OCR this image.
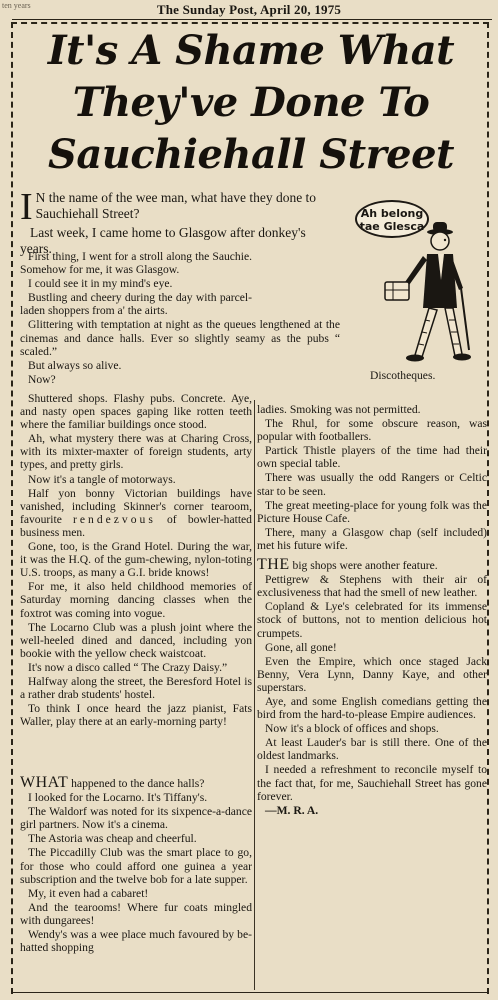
ten years	The Sunday Post, April 20, 1975
It's A Shame What
They've Done To
Sauchiehall Street

I N the name of the wee man, what have they done to Sauchiehall Street?

Last week, I came home to Glasgow after donkey's years.

Ah belong tae Glesca

First thing, I went for a stroll along the Sauchie. Somehow for me, it was Glasgow.

I could see it in my mind's eye.

Bustling and cheery during the day with parcel-laden shoppers from a' the airts.

Glittering with temptation at night as the queues lengthened at the cinemas and dance halls. Ever so slightly seamy as the pubs “ scaled.”

But always so alive.

Now?	Discotheques.

Shuttered shops. Flashy pubs. Concrete. Aye, and nasty open spaces gaping like rotten teeth where the familiar buildings once stood.

Ah, what mystery there was at Charing Cross, with its mixter-maxter of foreign students, arty types, and pretty girls.

Now it's a tangle of motorways.

Half yon bonny Victorian buildings have vanished, including Skinner's corner tearoom, favourite rendezvous of bowler-hatted business men.

Gone, too, is the Grand Hotel. During the war, it was the H.Q. of the gum-chewing, nylon-toting U.S. troops, as many a G.I. bride knows!

For me, it also held childhood memories of Saturday morning dancing classes when the foxtrot was coming into vogue.

The Locarno Club was a plush joint where the well-heeled dined and danced, including yon bookie with the yellow check waistcoat.

It's now a disco called “ The Crazy Daisy.”

Halfway along the street, the Beresford Hotel is a rather drab students' hostel.

To think I once heard the jazz pianist, Fats Waller, play there at an early-morning party!

WHAT happened to the dance halls?

I looked for the Locarno. It's Tiffany's.

The Waldorf was noted for its sixpence-a-dance girl partners. Now it's a cinema.

The Astoria was cheap and cheerful.

The Piccadilly Club was the smart place to go, for those who could afford one guinea a year subscription and the twelve bob for a late supper.

My, it even had a cabaret!

And the tearooms! Where fur coats mingled with dungarees!

Wendy's was a wee place much favoured by be-hatted shopping

ladies. Smoking was not permitted.

The Rhul, for some obscure reason, was popular with footballers.

Partick Thistle players of the time had their own special table.

There was usually the odd Rangers or Celtic star to be seen.

The great meeting-place for young folk was the Picture House Cafe.

There, many a Glasgow chap (self included) met his future wife.

THE big shops were another feature.

Pettigrew & Stephens with their air of exclusiveness that had the smell of new leather.

Copland & Lye's celebrated for its immense stock of buttons, not to mention delicious hot crumpets.

Gone, all gone!

Even the Empire, which once staged Jack Benny, Vera Lynn, Danny Kaye, and other superstars.

Aye, and some English comedians getting the bird from the hard-to-please Empire audiences.

Now it's a block of offices and shops.

At least Lauder's bar is still there. One of the oldest landmarks.

I needed a refreshment to reconcile myself to the fact that, for me, Sauchiehall Street has gone forever.

—M. R. A.
